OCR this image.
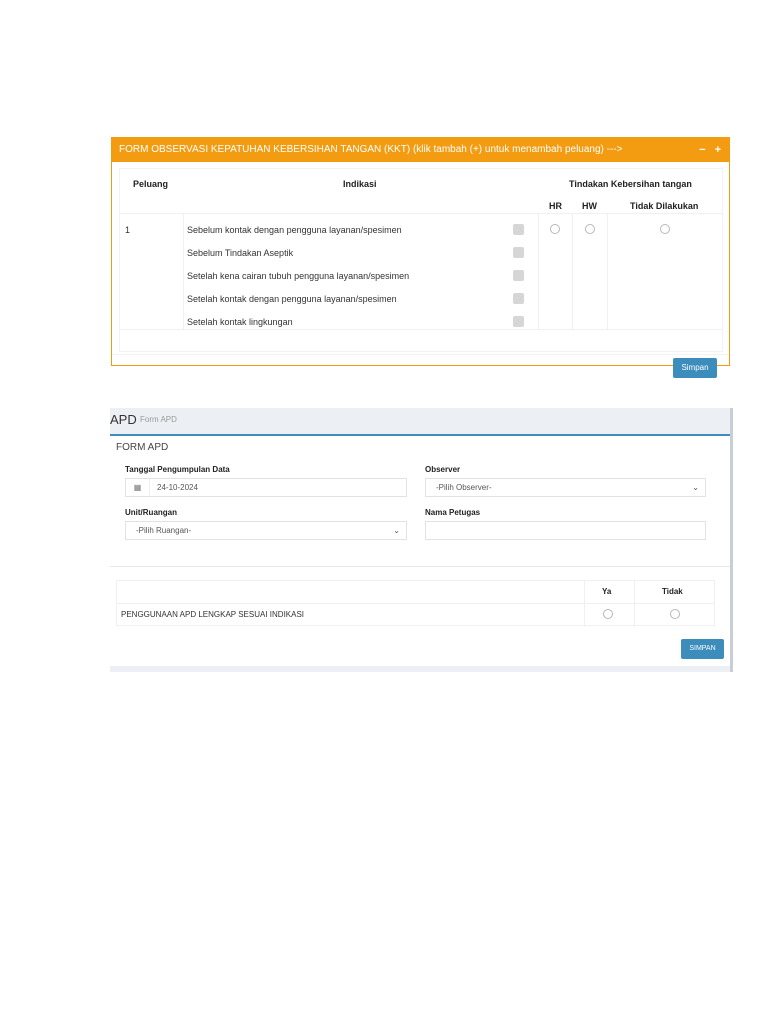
FORM OBSERVASI KEPATUHAN KEBERSIHAN TANGAN (KKT) (klik tambah (+) untuk menambah peluang) --->	− +
Peluang	Indikasi	Tindakan Kebersihan tangan
HR HW	Tidak Dilakukan
1	Sebelum kontak dengan pengguna layanan/spesimen
Sebelum Tindakan Aseptik
Setelah kena cairan tubuh pengguna layanan/spesimen
Setelah kontak dengan pengguna layanan/spesimen
Setelah kontak lingkungan
Simpan
APD Form APD
FORM APD
Tanggal Pengumpulan Data
▦	24-10-2024
Observer
-Pilih Observer-	⌄
Unit/Ruangan
-Pilih Ruangan-	⌄
Nama Petugas
Ya	Tidak
PENGGUNAAN APD LENGKAP SESUAI INDIKASI
SIMPAN
